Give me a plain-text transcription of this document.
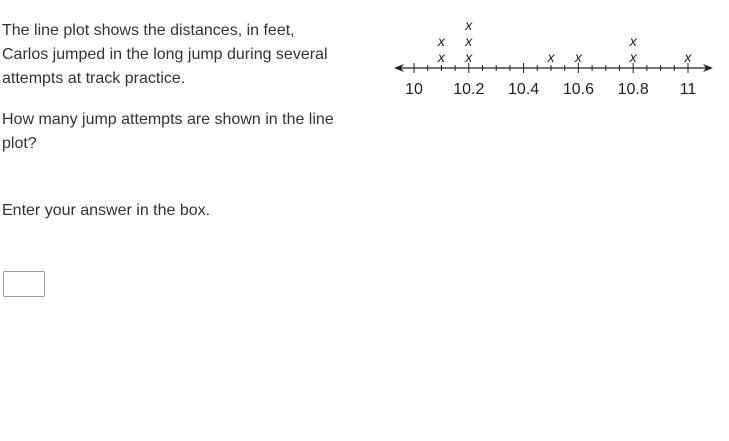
The line plot shows the distances, in feet, Carlos jumped in the long jump during several attempts at track practice.

How many jump attempts are shown in the line plot?

Enter your answer in the box.

10 10.2 10.4 10.6 10.8 11
x
x
x
x
x
x x	x
x
x
